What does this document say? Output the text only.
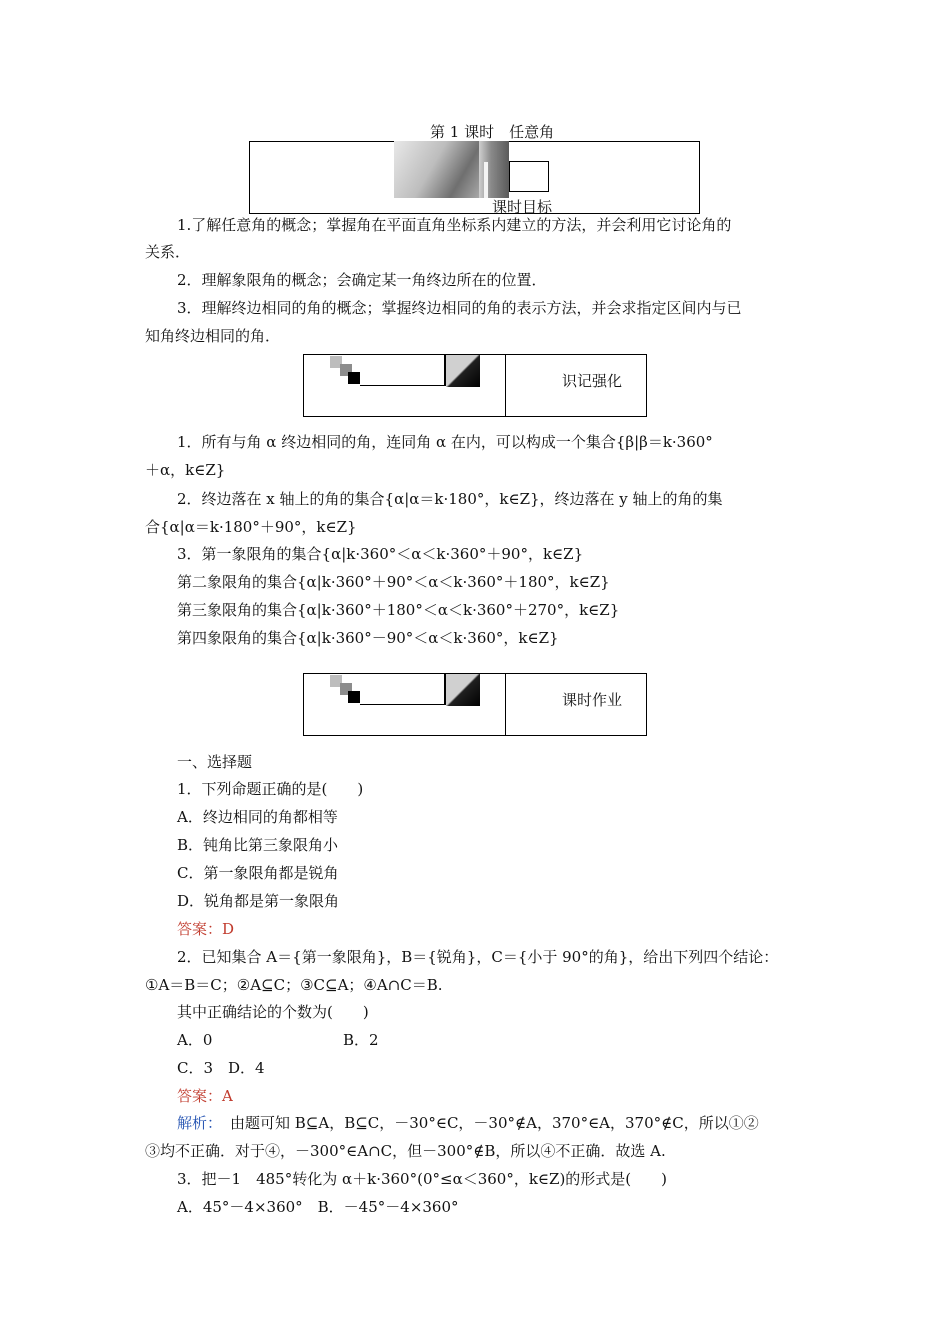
第 1 课时　任意角
课时目标
1.了解任意角的概念；掌握角在平面直角坐标系内建立的方法，并会利用它讨论角的
关系．
2．理解象限角的概念；会确定某一角终边所在的位置．
3．理解终边相同的角的概念；掌握终边相同的角的表示方法，并会求指定区间内与已
知角终边相同的角．
识记强化
1．所有与角 α 终边相同的角，连同角 α 在内，可以构成一个集合{β|β＝k·360°
＋α，k∈Z}
2．终边落在 x 轴上的角的集合{α|α＝k·180°，k∈Z}，终边落在 y 轴上的角的集
合{α|α＝k·180°＋90°，k∈Z}
3．第一象限角的集合{α|k·360°＜α＜k·360°＋90°，k∈Z}
第二象限角的集合{α|k·360°＋90°＜α＜k·360°＋180°，k∈Z}
第三象限角的集合{α|k·360°＋180°＜α＜k·360°＋270°，k∈Z}
第四象限角的集合{α|k·360°－90°＜α＜k·360°，k∈Z}
课时作业
一、选择题
1．下列命题正确的是(　　)
A．终边相同的角都相等
B．钝角比第三象限角小
C．第一象限角都是锐角
D．锐角都是第一象限角
答案：D
2．已知集合 A＝{第一象限角}，B＝{锐角}，C＝{小于 90°的角}，给出下列四个结论：
①A＝B＝C；②A⊆C；③C⊆A；④A∩C＝B.
其中正确结论的个数为(　　)
A．0	B．2
C．3　D．4
答案：A
解析： 由题可知 B⊆A，B⊆C，－30°∈C，－30°∉A，370°∈A，370°∉C，所以①②
③均不正确．对于④，－300°∈A∩C，但－300°∉B，所以④不正确．故选 A.
3．把－1　485°转化为 α＋k·360°(0°≤α＜360°，k∈Z)的形式是(　　)
A．45°－4×360°　B．－45°－4×360°
